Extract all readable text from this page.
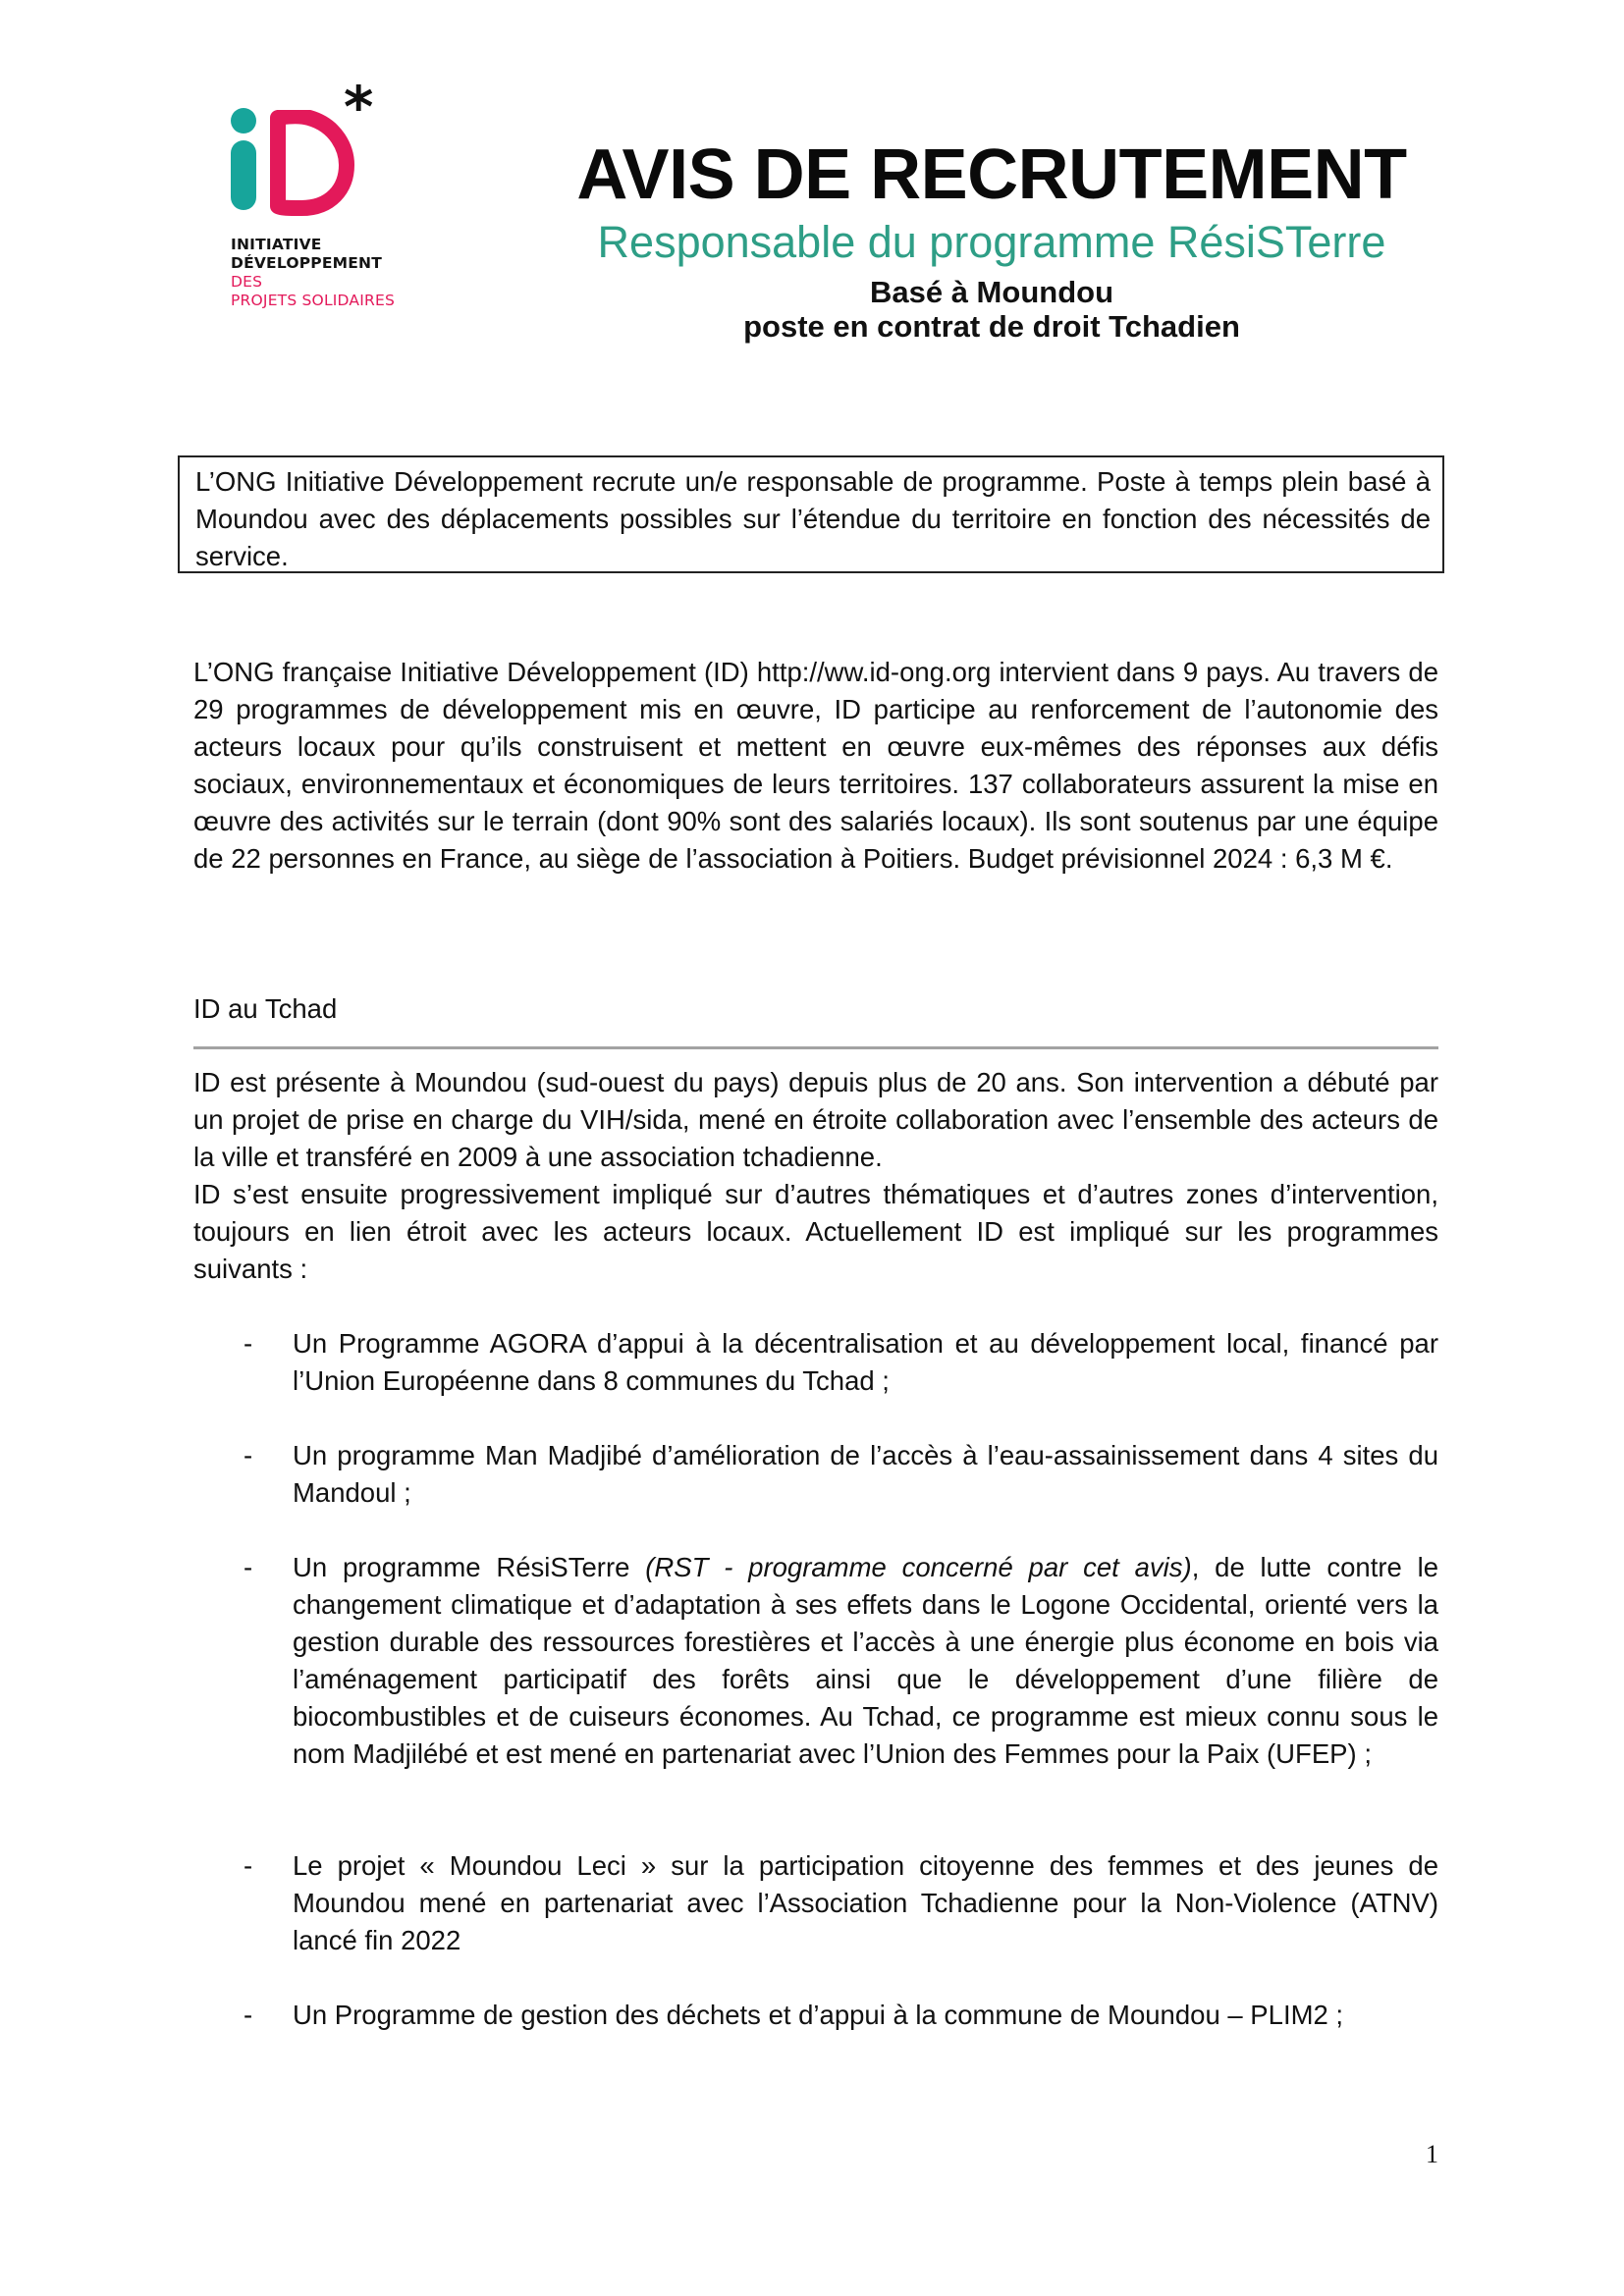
*
INITIATIVE
DÉVELOPPEMENT
DES
PROJETS SOLIDAIRES
AVIS DE RECRUTEMENT
Responsable du programme RésiSTerre
Basé à Moundou
poste en contrat de droit Tchadien

L’ONG Initiative Développement recrute un/e responsable de programme. Poste à temps plein basé à Moundou avec des déplacements possibles sur l’étendue du territoire en fonction des nécessités de service.

L’ONG française Initiative Développement (ID) http://ww.id-ong.org intervient dans 9 pays. Au travers de 29 programmes de développement mis en œuvre, ID participe au renforcement de l’autonomie des acteurs locaux pour qu’ils construisent et mettent en œuvre eux-mêmes des réponses aux défis sociaux, environnementaux et économiques de leurs territoires. 137 collaborateurs assurent la mise en œuvre des activités sur le terrain (dont 90% sont des salariés locaux). Ils sont soutenus par une équipe de 22 personnes en France, au siège de l’association à Poitiers. Budget prévisionnel 2024 : 6,3 M €.

ID au Tchad

ID est présente à Moundou (sud-ouest du pays) depuis plus de 20 ans. Son intervention a débuté par un projet de prise en charge du VIH/sida, mené en étroite collaboration avec l’ensemble des acteurs de la ville et transféré en 2009 à une association tchadienne.

ID s’est ensuite progressivement impliqué sur d’autres thématiques et d’autres zones d’intervention, toujours en lien étroit avec les acteurs locaux. Actuellement ID est impliqué sur les programmes suivants :

- Un Programme AGORA d’appui à la décentralisation et au développement local, financé par l’Union Européenne dans 8 communes du Tchad ;
- Un programme Man Madjibé d’amélioration de l’accès à l’eau-assainissement dans 4 sites du Mandoul ;
- Un programme RésiSTerre (RST - programme concerné par cet avis), de lutte contre le changement climatique et d’adaptation à ses effets dans le Logone Occidental, orienté vers la gestion durable des ressources forestières et l’accès à une énergie plus économe en bois via l’aménagement participatif des forêts ainsi que le développement d’une filière de biocombustibles et de cuiseurs économes. Au Tchad, ce programme est mieux connu sous le nom Madjilébé et est mené en partenariat avec l’Union des Femmes pour la Paix (UFEP) ;
- Le projet « Moundou Leci » sur la participation citoyenne des femmes et des jeunes de Moundou mené en partenariat avec l’Association Tchadienne pour la Non-Violence (ATNV) lancé fin 2022
- Un Programme de gestion des déchets et d’appui à la commune de Moundou – PLIM2 ;
1
